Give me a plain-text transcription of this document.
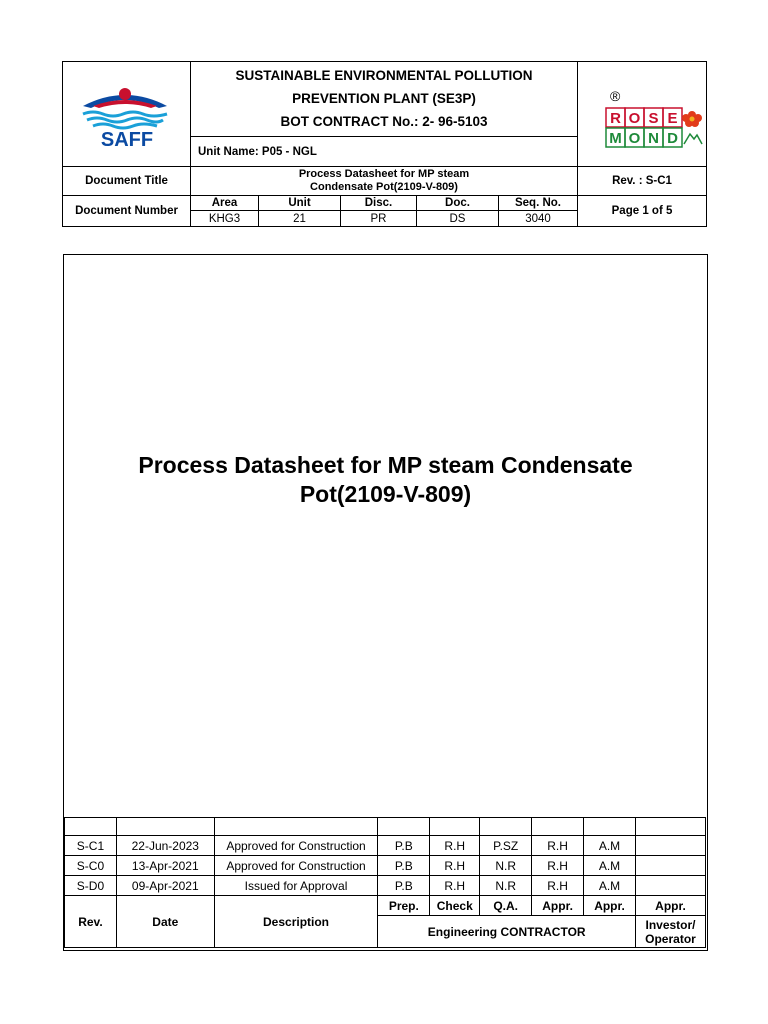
SAFF
SUSTAINABLE ENVIRONMENTAL POLLUTION
PREVENTION PLANT (SE3P)
BOT CONTRACT No.: 2- 96-5103
Unit Name: P05 - NGL
®
R O S E
M O N D
Document Title
Process Datasheet for MP steam Condensate Pot(2109-V-809)	Rev. : S-C1
Document Number
Area	Unit	Disc.	Doc.	Seq. No.
KHG3	21	PR	DS	3040
Page 1 of 5
Process Datasheet for MP steam Condensate
Pot(2109-V-809)

S-C1	22-Jun-2023	Approved for Construction	P.B	R.H	P.SZ	R.H	A.M	
S-C0	13-Apr-2021	Approved for Construction	P.B	R.H	N.R	R.H	A.M	
S-D0	09-Apr-2021	Issued for Approval	P.B	R.H	N.R	R.H	A.M	
Rev.	Date	Description	Prep.	Check	Q.A.	Appr.	Appr.	Appr.
			Engineering CONTRACTOR					Investor/
Operator
